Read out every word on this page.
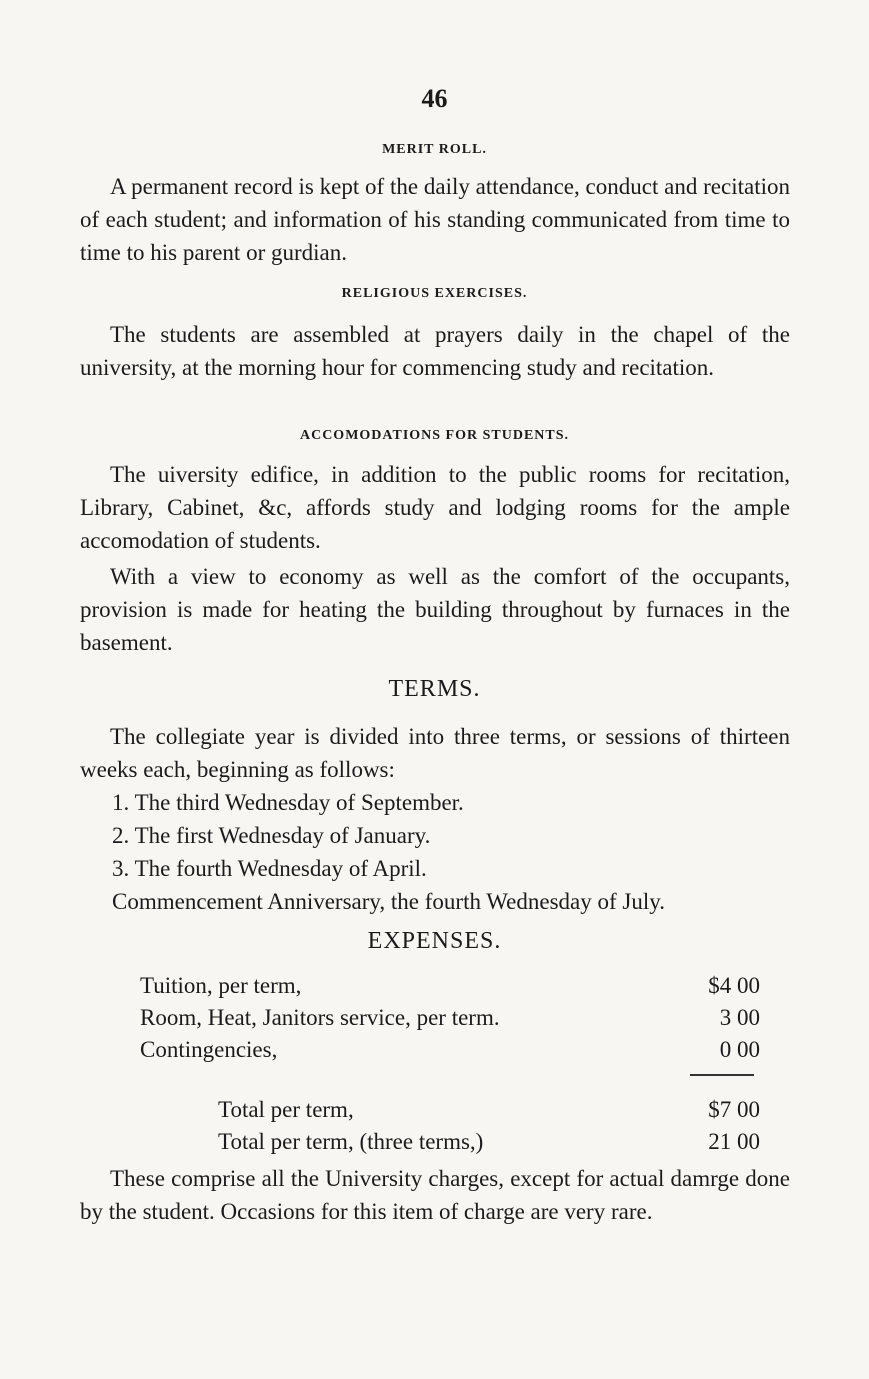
46
MERIT ROLL.
A permanent record is kept of the daily attendance, conduct and recitation of each student; and information of his standing communicated from time to time to his parent or gurdian.
RELIGIOUS EXERCISES.
The students are assembled at prayers daily in the chapel of the university, at the morning hour for commencing study and recitation.
ACCOMODATIONS FOR STUDENTS.
The uiversity edifice, in addition to the public rooms for recitation, Library, Cabinet, &c, affords study and lodging rooms for the ample accomodation of students.
With a view to economy as well as the comfort of the occupants, provision is made for heating the building throughout by furnaces in the basement.
TERMS.
The collegiate year is divided into three terms, or sessions of thirteen weeks each, beginning as follows:
1. The third Wednesday of September.
2. The first Wednesday of January.
3. The fourth Wednesday of April.
Commencement Anniversary, the fourth Wednesday of July.
EXPENSES.
Tuition, per term,	$4 00
Room, Heat, Janitors service, per term.	3 00
Contingencies,	0 00
Total per term,	$7 00
Total per term, (three terms,)	21 00
These comprise all the University charges, except for actual damrge done by the student. Occasions for this item of charge are very rare.
